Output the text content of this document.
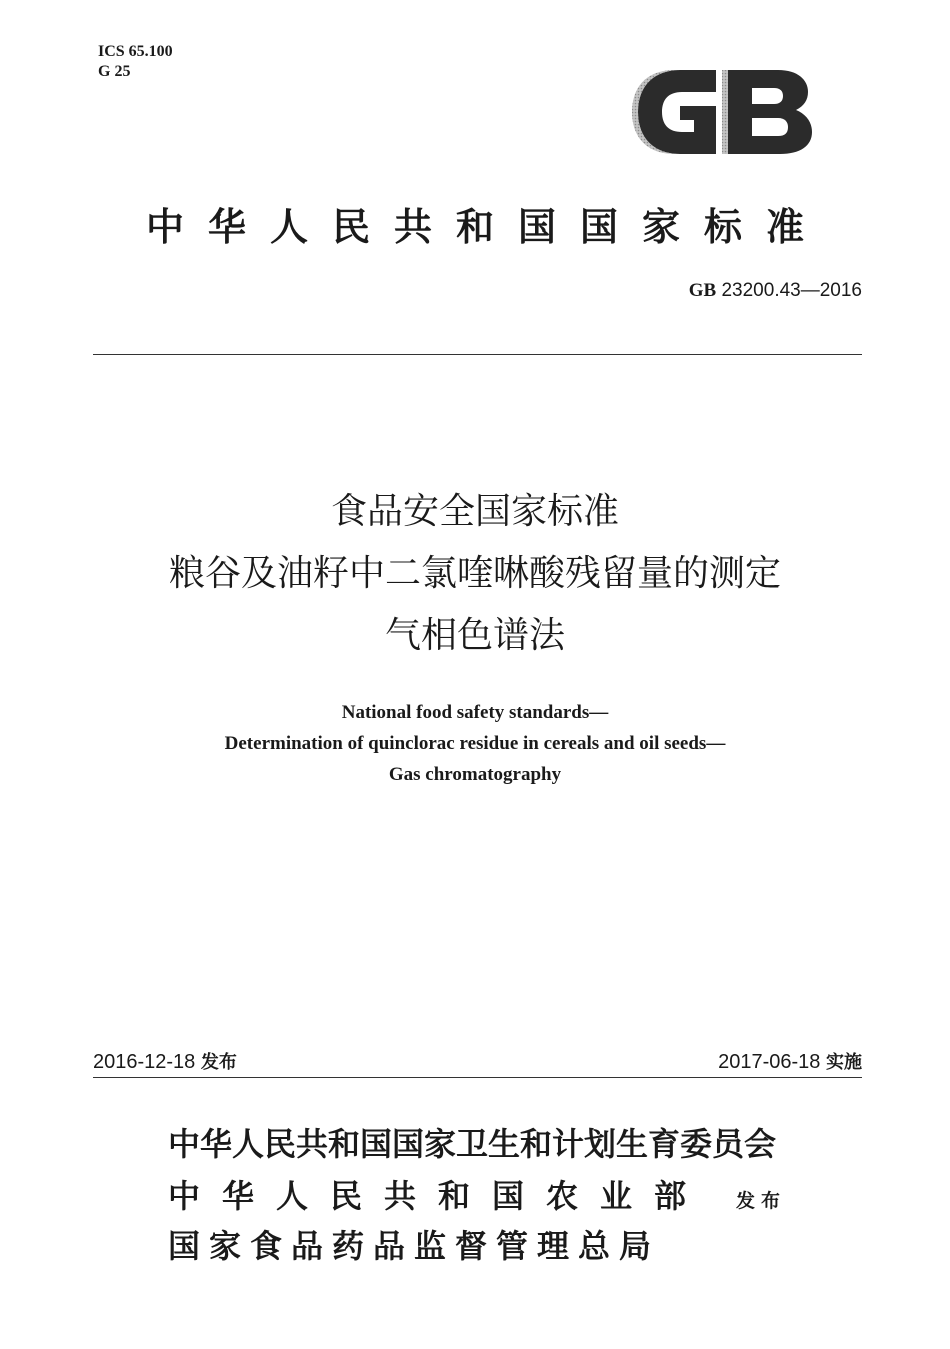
ICS 65.100
G 25
中华人民共和国国家标准
GB 23200.43—2016
食品安全国家标准
粮谷及油籽中二氯喹啉酸残留量的测定
气相色谱法
National food safety standards—
Determination of quinclorac residue in cereals and oil seeds—
Gas chromatography
2016-12-18 发布	2017-06-18 实施
中华人民共和国国家卫生和计划生育委员会
中华人民共和国农业部
国家食品药品监督管理总局
发布
